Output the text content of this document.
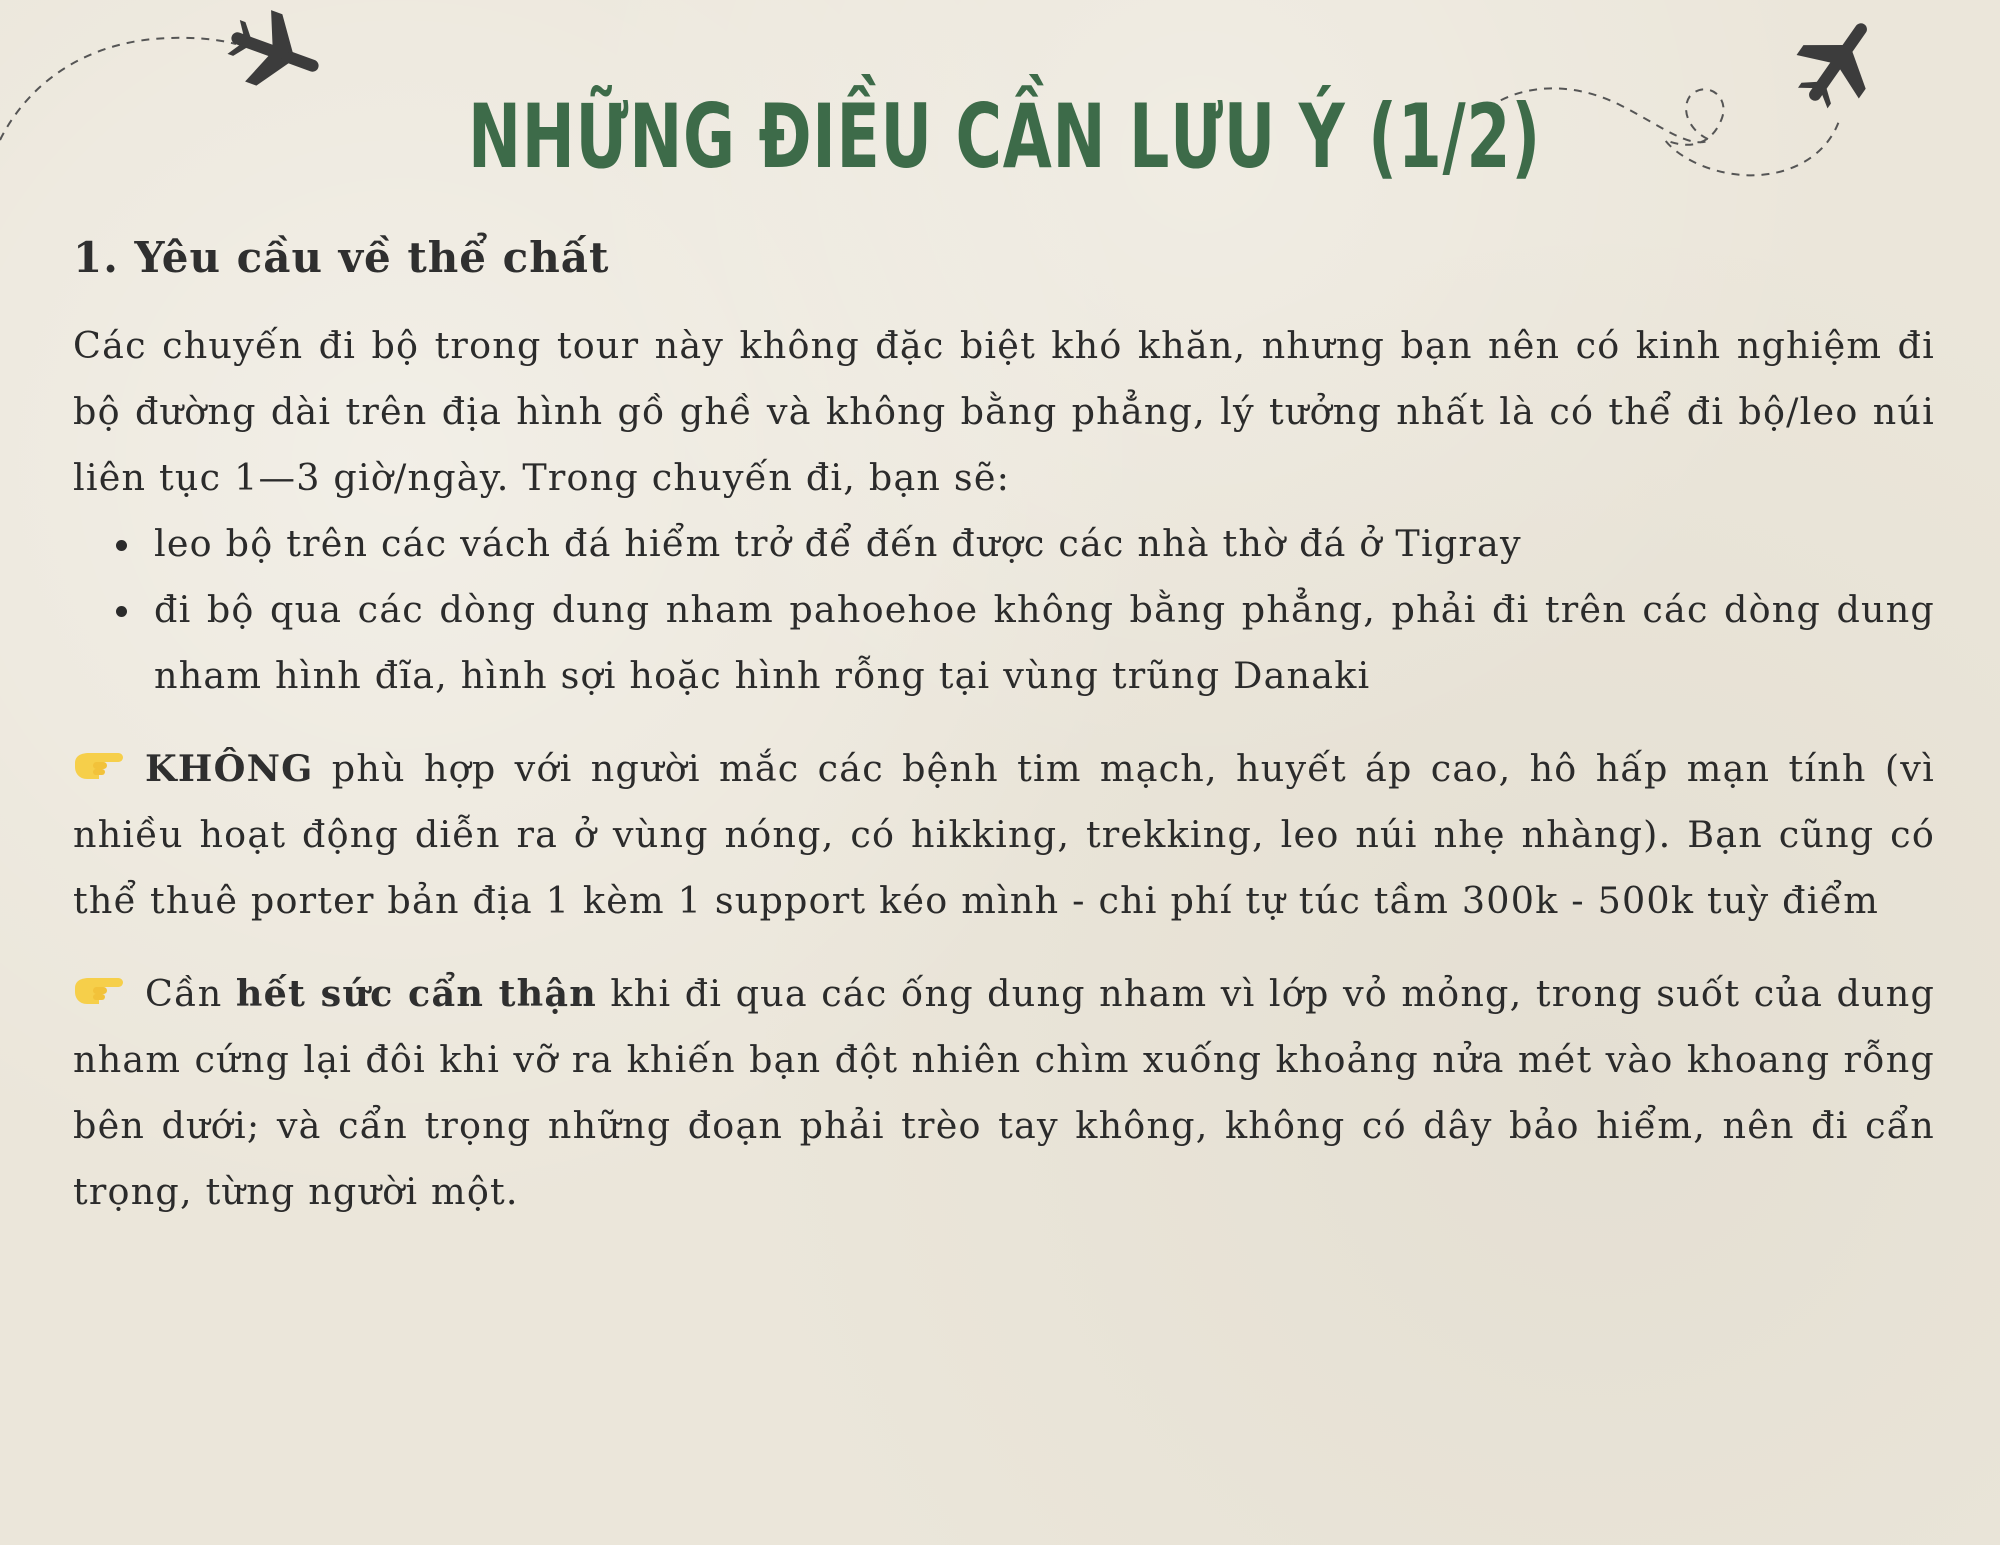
NHỮNG ĐIỀU CẦN LƯU Ý (1/2)
1. Yêu cầu về thể chất

Các chuyến đi bộ trong tour này không đặc biệt khó khăn, nhưng bạn nên có kinh nghiệm đi bộ đường dài trên địa hình gồ ghề và không bằng phẳng, lý tưởng nhất là có thể đi bộ/leo núi liên tục 1—3 giờ/ngày. Trong chuyến đi, bạn sẽ:

leo bộ trên các vách đá hiểm trở để đến được các nhà thờ đá ở Tigray
đi bộ qua các dòng dung nham pahoehoe không bằng phẳng, phải đi trên các dòng dung nham hình đĩa, hình sợi hoặc hình rỗng tại vùng trũng Danaki

KHÔNG phù hợp với người mắc các bệnh tim mạch, huyết áp cao, hô hấp mạn tính (vì nhiều hoạt động diễn ra ở vùng nóng, có hikking, trekking, leo núi nhẹ nhàng). Bạn cũng có thể thuê porter bản địa 1 kèm 1 support kéo mình - chi phí tự túc tầm 300k - 500k tuỳ điểm

Cần hết sức cẩn thận khi đi qua các ống dung nham vì lớp vỏ mỏng, trong suốt của dung nham cứng lại đôi khi vỡ ra khiến bạn đột nhiên chìm xuống khoảng nửa mét vào khoang rỗng bên dưới; và cẩn trọng những đoạn phải trèo tay không, không có dây bảo hiểm, nên đi cẩn trọng, từng người một.
